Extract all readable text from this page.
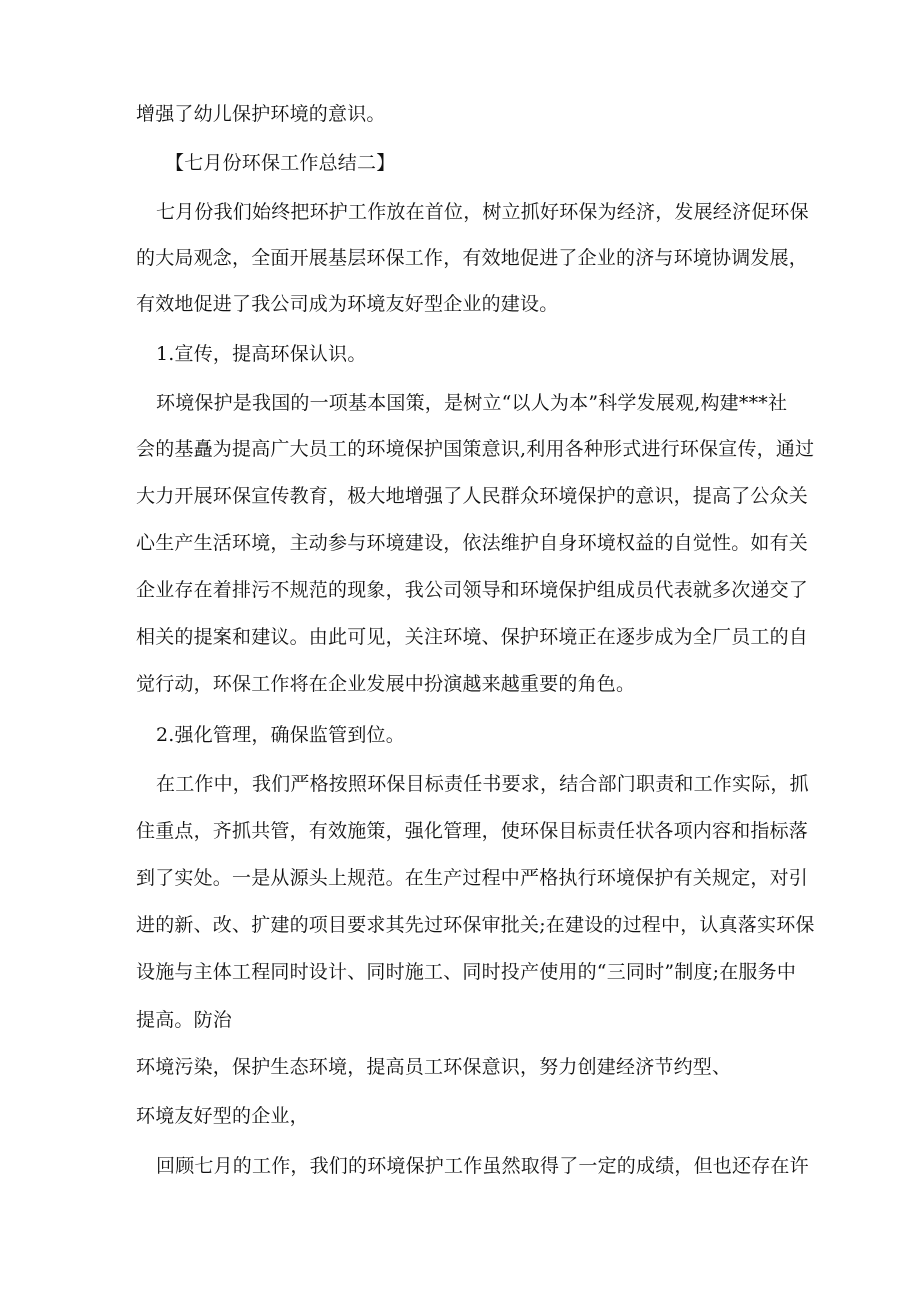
增强了幼儿保护环境的意识。
【七月份环保工作总结二】
七月份我们始终把环护工作放在首位，树立抓好环保为经济，发展经济促环保
的大局观念，全面开展基层环保工作，有效地促进了企业的济与环境协调发展，
有效地促进了我公司成为环境友好型企业的建设。
1.宣传，提高环保认识。
环境保护是我国的一项基本国策，是树立“以人为本”科学发展观,构建***社
会的基矗为提高广大员工的环境保护国策意识,利用各种形式进行环保宣传，通过
大力开展环保宣传教育，极大地增强了人民群众环境保护的意识，提高了公众关
心生产生活环境，主动参与环境建设，依法维护自身环境权益的自觉性。如有关
企业存在着排污不规范的现象，我公司领导和环境保护组成员代表就多次递交了
相关的提案和建议。由此可见，关注环境、保护环境正在逐步成为全厂员工的自
觉行动，环保工作将在企业发展中扮演越来越重要的角色。
2.强化管理，确保监管到位。
在工作中，我们严格按照环保目标责任书要求，结合部门职责和工作实际，抓
住重点，齐抓共管，有效施策，强化管理，使环保目标责任状各项内容和指标落
到了实处。一是从源头上规范。在生产过程中严格执行环境保护有关规定，对引
进的新、改、扩建的项目要求其先过环保审批关;在建设的过程中，认真落实环保
设施与主体工程同时设计、同时施工、同时投产使用的“三同时”制度;在服务中
提高。防治
环境污染，保护生态环境，提高员工环保意识，努力创建经济节约型、
环境友好型的企业，
回顾七月的工作，我们的环境保护工作虽然取得了一定的成绩，但也还存在许
